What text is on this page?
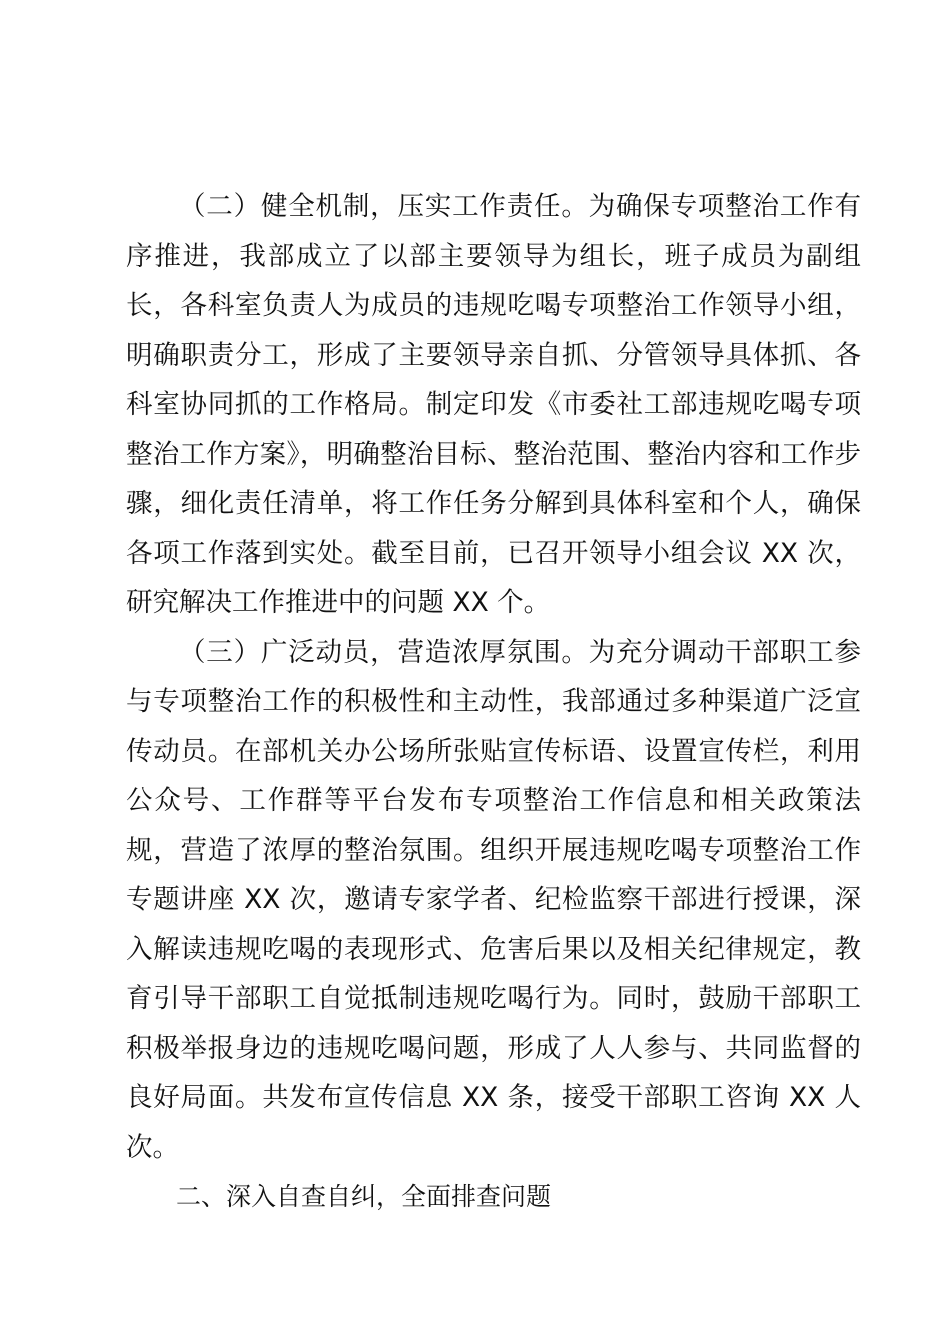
（二）健全机制，压实工作责任。为确保专项整治工作有序推进，我部成立了以部主要领导为组长，班子成员为副组长，各科室负责人为成员的违规吃喝专项整治工作领导小组，明确职责分工，形成了主要领导亲自抓、分管领导具体抓、各科室协同抓的工作格局。制定印发《市委社工部违规吃喝专项整治工作方案》，明确整治目标、整治范围、整治内容和工作步骤，细化责任清单，将工作任务分解到具体科室和个人，确保各项工作落到实处。截至目前，已召开领导小组会议 XX 次，研究解决工作推进中的问题 XX 个。

（三）广泛动员，营造浓厚氛围。为充分调动干部职工参与专项整治工作的积极性和主动性，我部通过多种渠道广泛宣传动员。在部机关办公场所张贴宣传标语、设置宣传栏，利用公众号、工作群等平台发布专项整治工作信息和相关政策法规，营造了浓厚的整治氛围。组织开展违规吃喝专项整治工作专题讲座 XX 次，邀请专家学者、纪检监察干部进行授课，深入解读违规吃喝的表现形式、危害后果以及相关纪律规定，教育引导干部职工自觉抵制违规吃喝行为。同时，鼓励干部职工积极举报身边的违规吃喝问题，形成了人人参与、共同监督的良好局面。共发布宣传信息 XX 条，接受干部职工咨询 XX 人次。

二、深入自查自纠，全面排查问题
